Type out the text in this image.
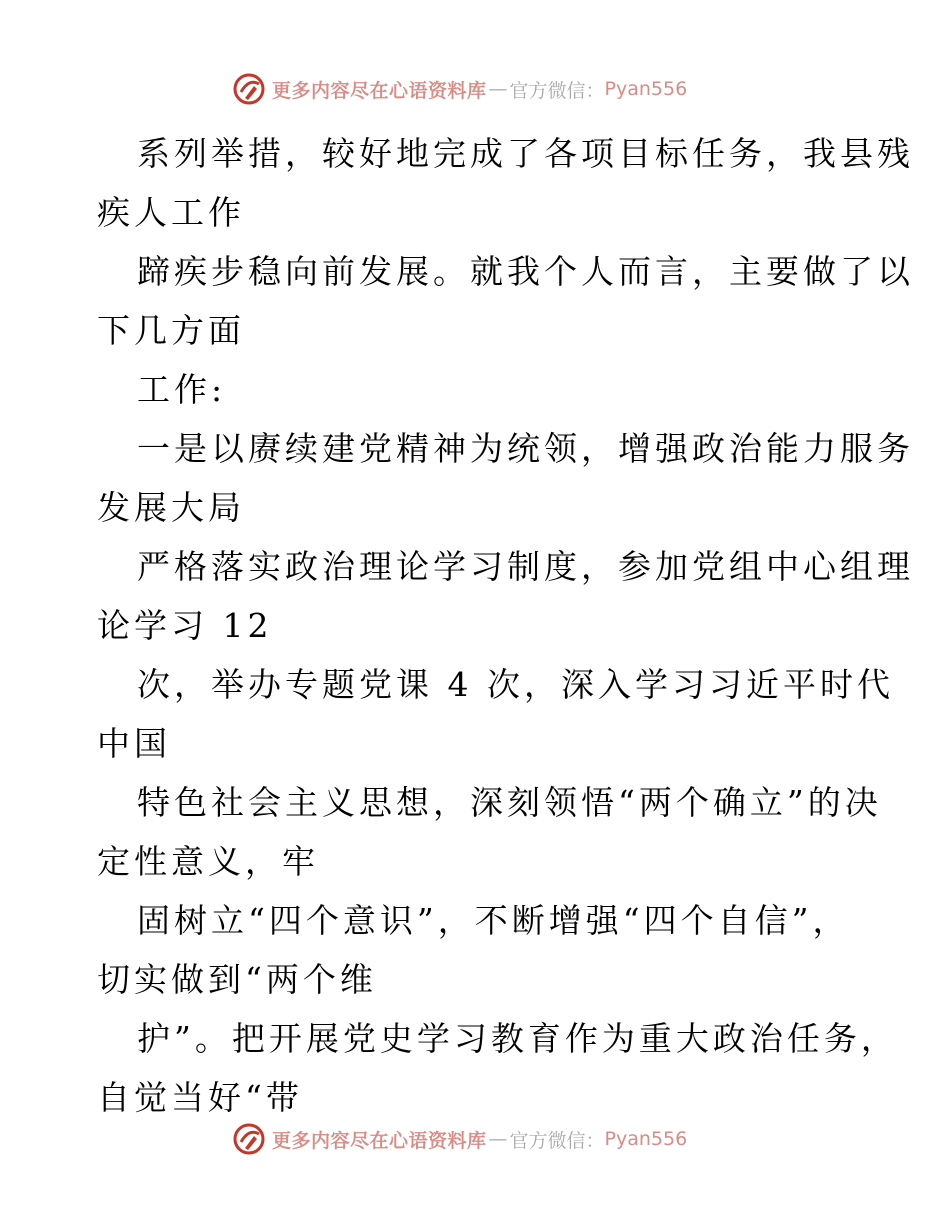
更多内容尽在心语资料库 — 官方微信： Pyan556
系列举措，较好地完成了各项目标任务，我县残
疾人工作
蹄疾步稳向前发展。就我个人而言，主要做了以
下几方面
工作:
一是以赓续建党精神为统领，增强政治能力服务
发展大局
严格落实政治理论学习制度，参加党组中心组理
论学习 12
次，举办专题党课 4 次，深入学习习近平时代
中国
特色社会主义思想，深刻领悟“两个确立”的决
定性意义，牢
固树立“四个意识”，不断增强“四个自信”，
切实做到“两个维
护”。把开展党史学习教育作为重大政治任务，
自觉当好“带
更多内容尽在心语资料库 — 官方微信： Pyan556
